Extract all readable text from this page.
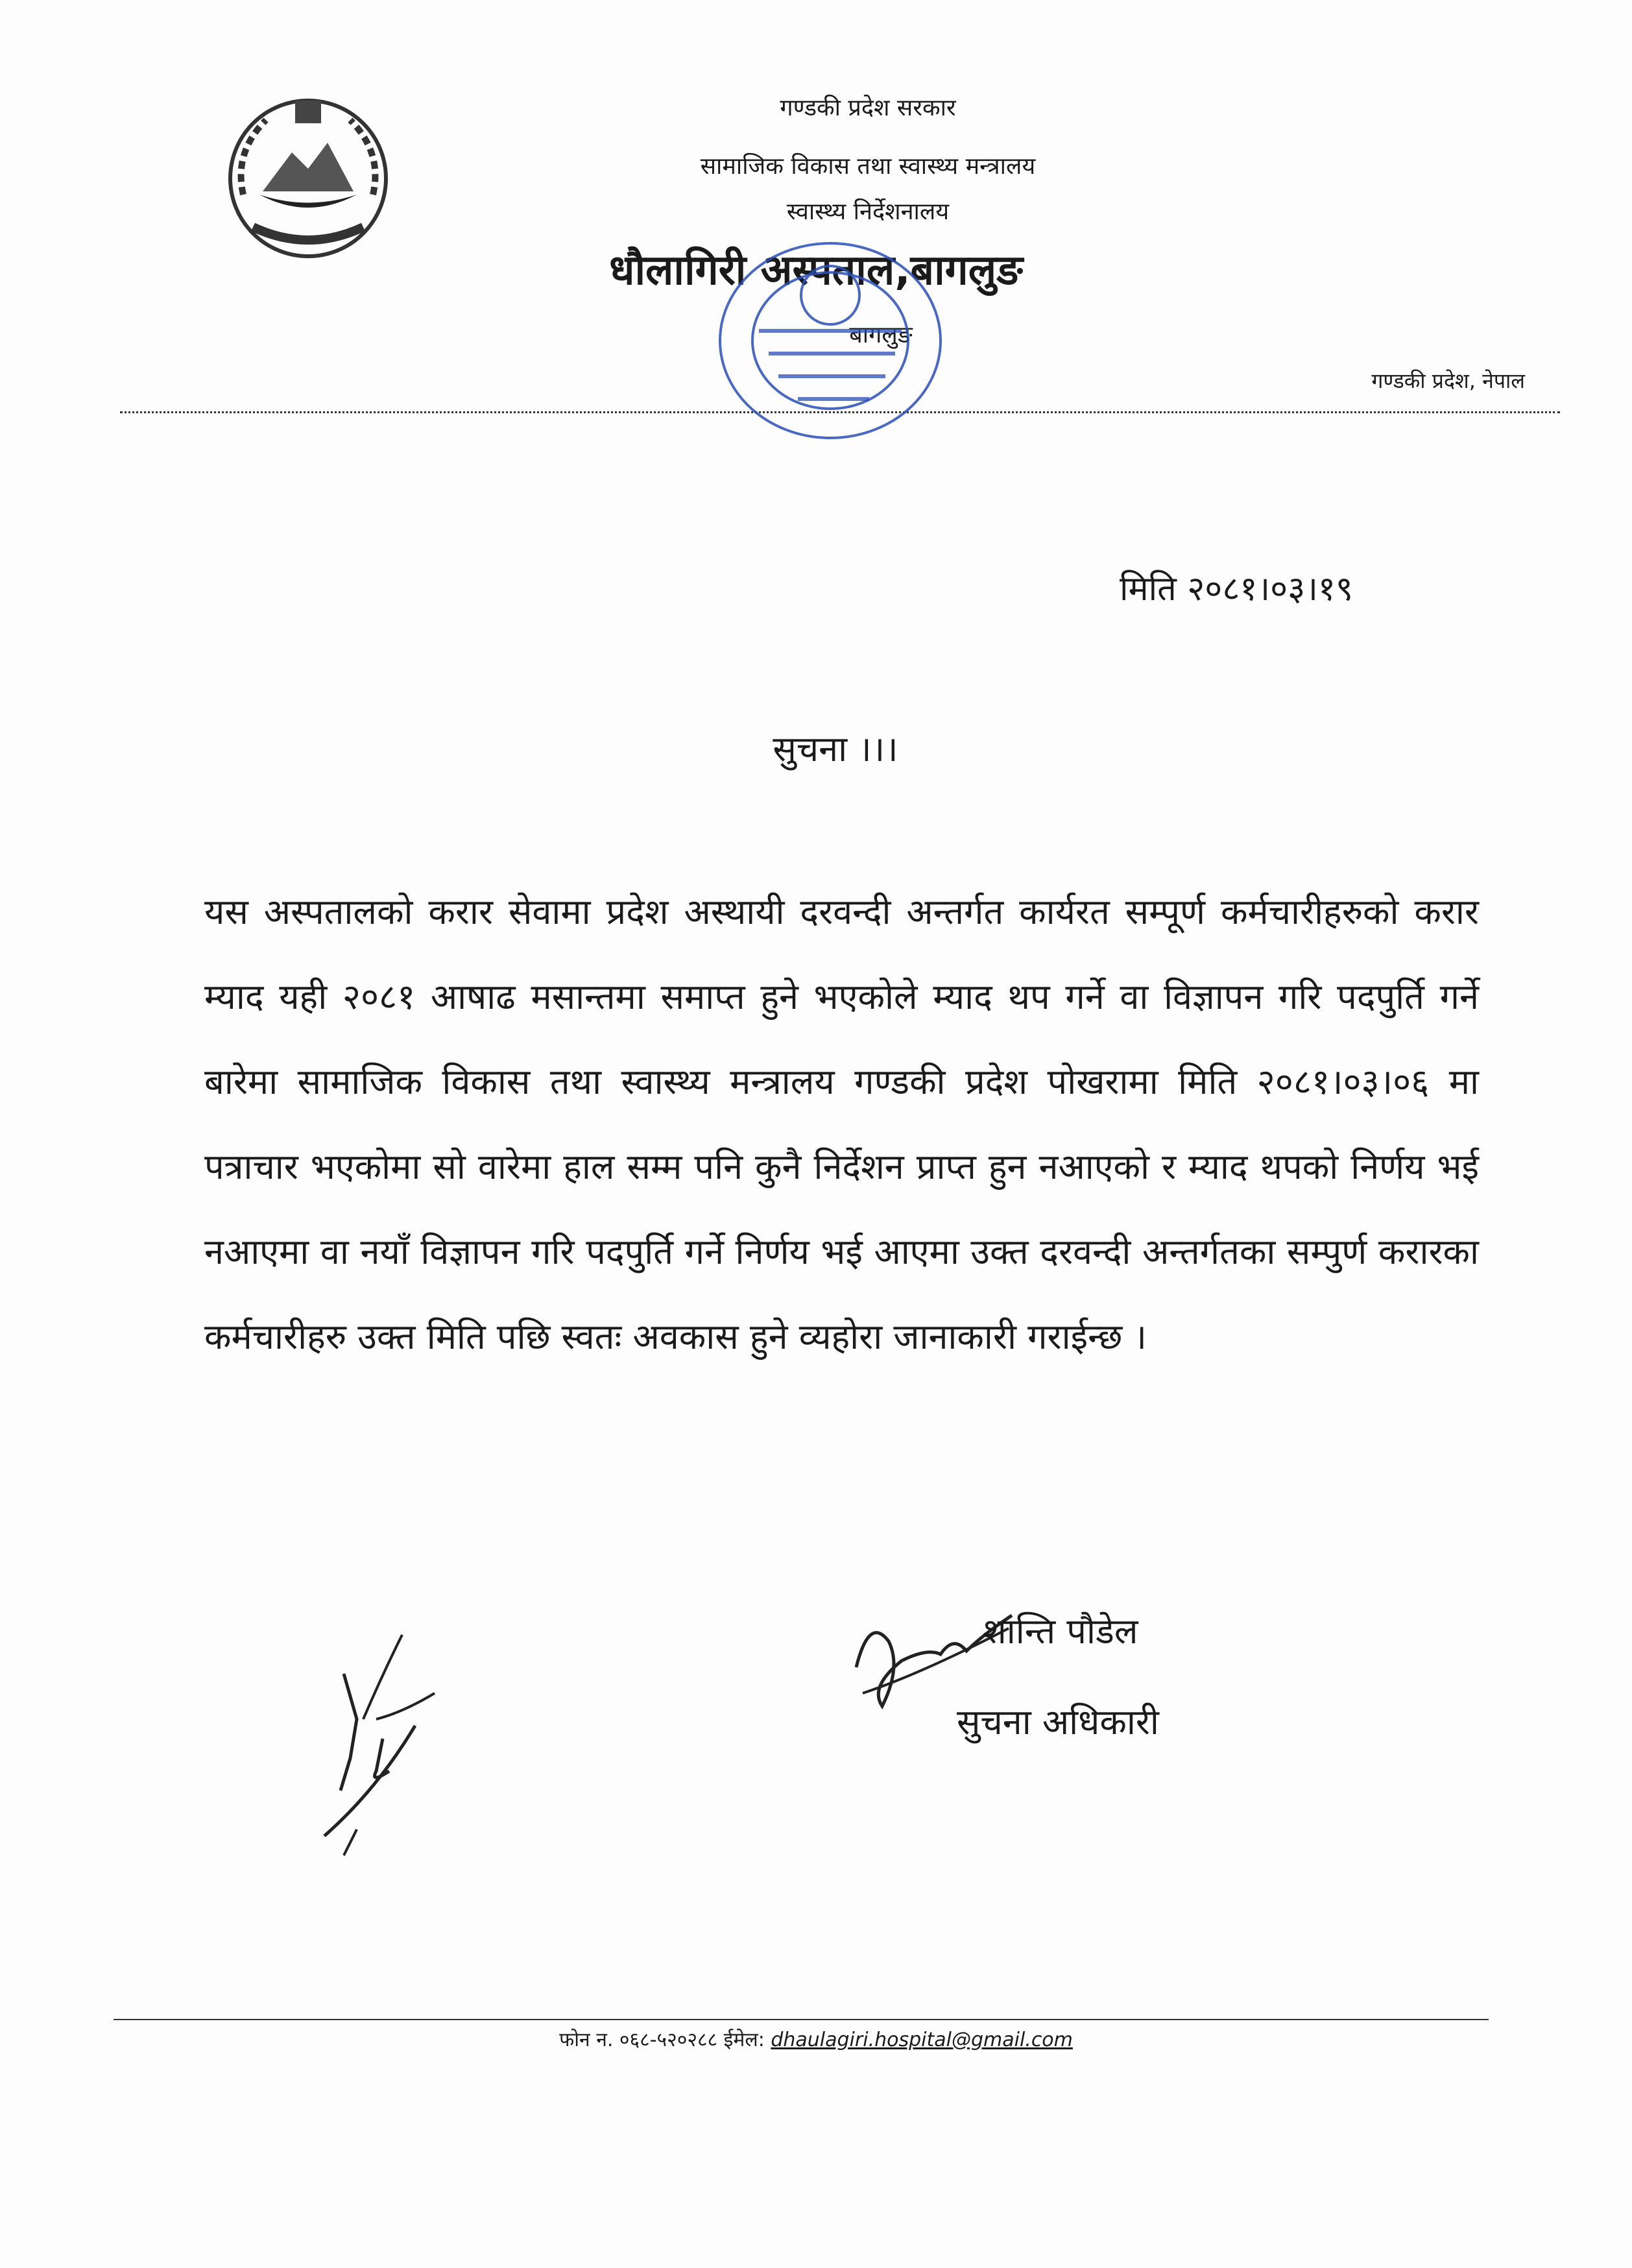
गण्डकी प्रदेश सरकार
सामाजिक विकास तथा स्वास्थ्य मन्त्रालय
स्वास्थ्य निर्देशनालय
धौलागिरी अस्पताल,बागलुङ
बागलुङ
गण्डकी प्रदेश, नेपाल
मिति २०८१।०३।१९
सुचना ।।।
यस अस्पतालको करार सेवामा प्रदेश अस्थायी दरवन्दी अन्तर्गत कार्यरत सम्पूर्ण कर्मचारीहरुको करार म्याद यही २०८१ आषाढ मसान्तमा समाप्त हुने भएकोले म्याद थप गर्ने वा विज्ञापन गरि पदपुर्ति गर्ने बारेमा सामाजिक विकास तथा स्वास्थ्य मन्त्रालय गण्डकी प्रदेश पोखरामा मिति २०८१।०३।०६ मा पत्राचार भएकोमा सो वारेमा हाल सम्म पनि कुनै निर्देशन प्राप्त हुन नआएको र म्याद थपको निर्णय भई नआएमा वा नयाँ विज्ञापन गरि पदपुर्ति गर्ने निर्णय भई आएमा उक्त दरवन्दी अन्तर्गतका सम्पुर्ण करारका कर्मचारीहरु उक्त मिति पछि स्वतः अवकास हुने व्यहोरा जानाकारी गराईन्छ ।
शान्ति पौडेल
सुचना अधिकारी
फोन न. ०६८-५२०२८८ ईमेल: dhaulagiri.hospital@gmail.com
